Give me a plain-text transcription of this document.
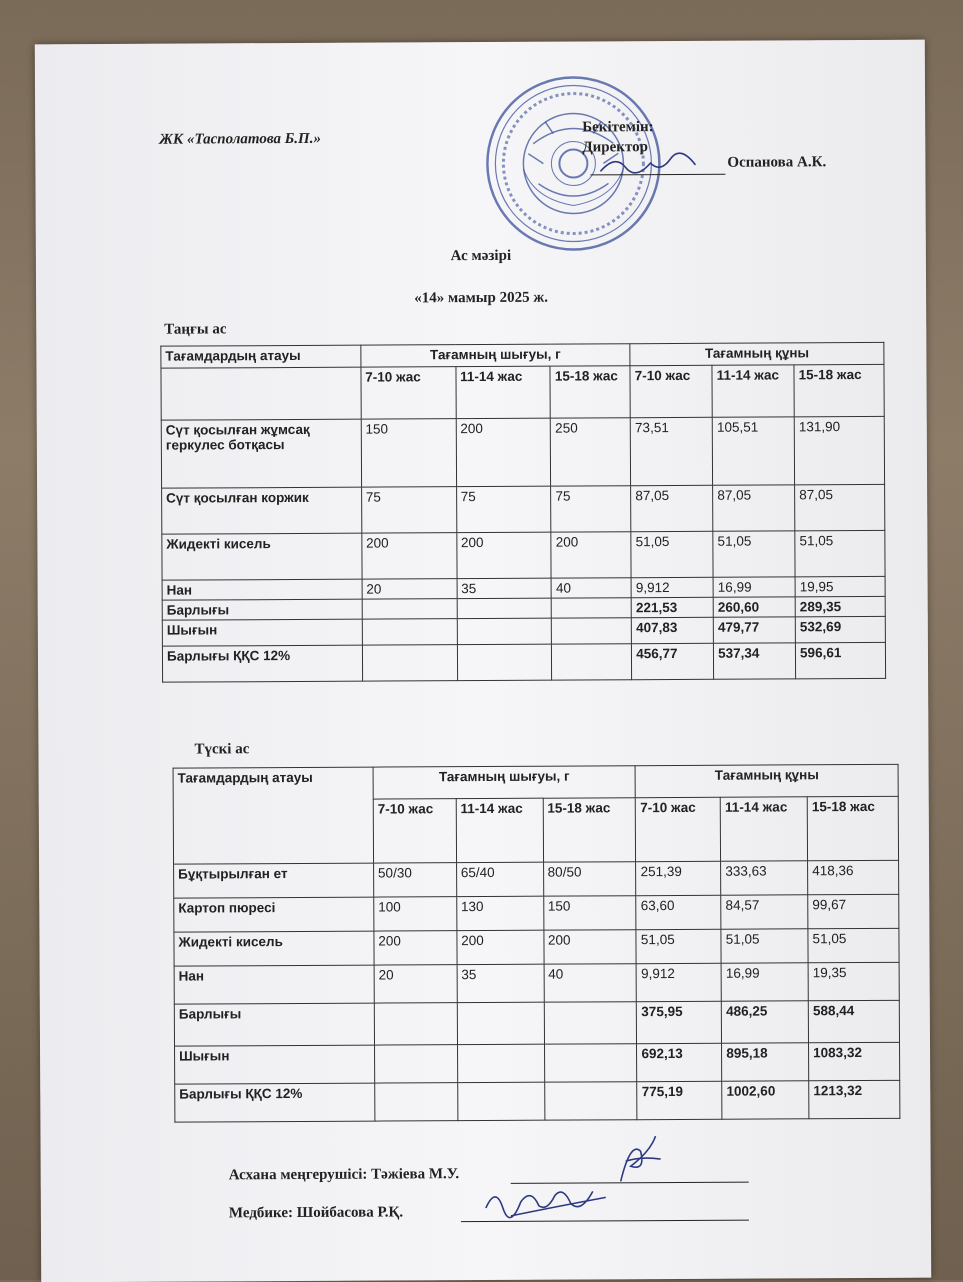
ЖК «Тасполатова Б.П.»
Бекітемін:
Директор
Оспанова А.К.
Ас мәзірі
«14» мамыр 2025 ж.
Таңғы ас
Тағамдардың атауы	Тағамның шығуы, г			Тағамның құны		
	7-10 жас	11-14 жас	15-18 жас	7-10 жас	11-14 жас	15-18 жас
Сүт қосылған жұмсақ геркулес ботқасы	150	200	250	73,51	105,51	131,90
Сүт қосылған коржик	75	75	75	87,05	87,05	87,05
Жидекті кисель	200	200	200	51,05	51,05	51,05
Нан	20	35	40	9,912	16,99	19,95
Барлығы				221,53	260,60	289,35
Шығын				407,83	479,77	532,69
Барлығы ҚҚС 12%				456,77	537,34	596,61
Түскі ас
Тағамдардың атауы	Тағамның шығуы, г			Тағамның құны		
	7-10 жас	11-14 жас	15-18 жас	7-10 жас	11-14 жас	15-18 жас
Бұқтырылған ет	50/30	65/40	80/50	251,39	333,63	418,36
Картоп пюресі	100	130	150	63,60	84,57	99,67
Жидекті кисель	200	200	200	51,05	51,05	51,05
Нан	20	35	40	9,912	16,99	19,35
Барлығы				375,95	486,25	588,44
Шығын				692,13	895,18	1083,32
Барлығы ҚҚС 12%				775,19	1002,60	1213,32
Асхана меңгерушісі: Тәжіева М.У.
Медбике: Шойбасова Р.Қ.
